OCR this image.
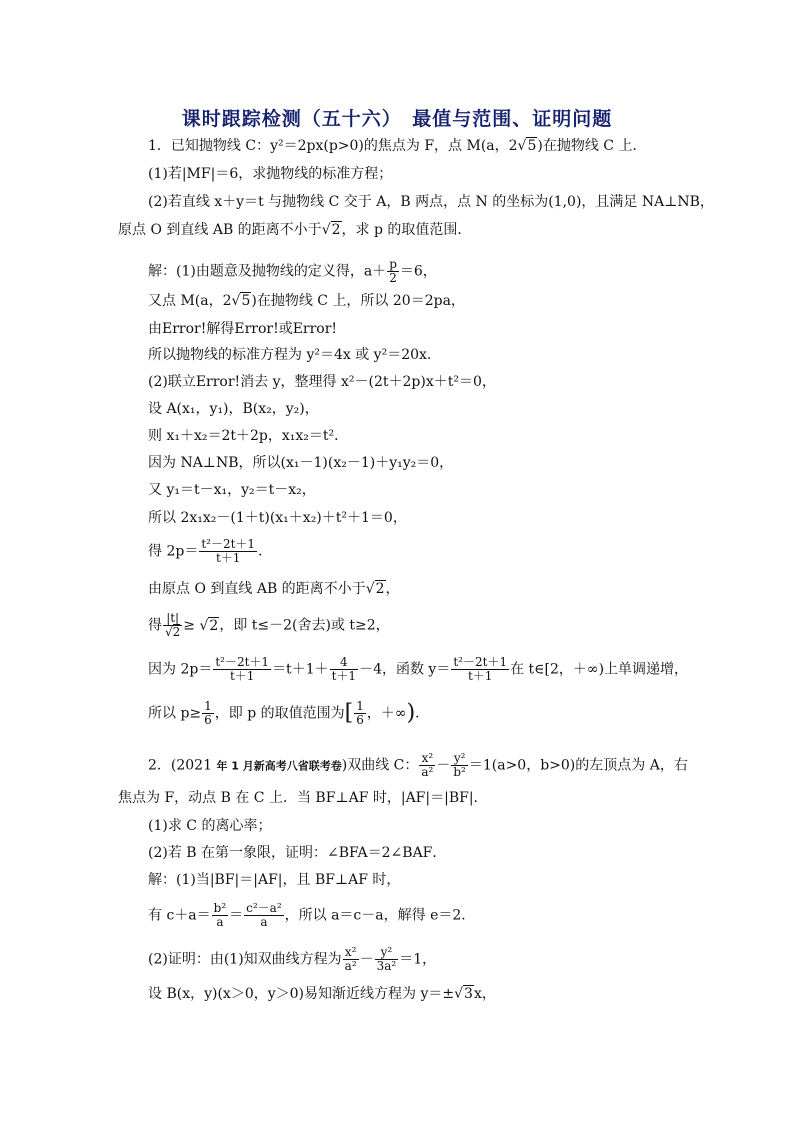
课时跟踪检测（五十六）　最值与范围、证明问题
1．已知抛物线 C：y²＝2px(p>0)的焦点为 F，点 M(a，2√5)在抛物线 C 上．
(1)若|MF|＝6，求抛物线的标准方程；
(2)若直线 x＋y＝t 与抛物线 C 交于 A，B 两点，点 N 的坐标为(1,0)，且满足 NA⊥NB，
原点 O 到直线 AB 的距离不小于√2，求 p 的取值范围．
解：(1)由题意及抛物线的定义得，$a+ \frac{p}{2} =6$，
又点 M(a，2√5)在抛物线 C 上，所以 20＝2pa，
由Error!解得Error!或Error!
所以抛物线的标准方程为 y²＝4x 或 y²＝20x．
(2)联立Error!消去 y，整理得 x²－(2t＋2p)x＋t²＝0，
设 A(x₁，y₁)，B(x₂，y₂)，
则 x₁＋x₂＝2t＋2p，x₁x₂＝t²．
因为 NA⊥NB，所以(x₁－1)(x₂－1)＋y₁y₂＝0，
又 y₁＝t－x₁，y₂＝t－x₂，
所以 2x₁x₂－(1＋t)(x₁＋x₂)＋t²＋1＝0，
得 $2p= \frac{\text{t²－2t＋1}}{t+1}$ ．
由原点 O 到直线 AB 的距离不小于√2，
得 $\frac{|t|}{√2} \ge √2$，即 t≤－2(舍去)或 t≥2，
因为 $2p= \frac{\text{t²－2t＋1}}{t+1} =t+1+ \frac{4}{t+1} -4$，函数 $y= \frac{\text{t²－2t＋1}}{t+1}$ 在 t∈[2，＋∞)上单调递增，
所以 $p\ge \frac{1}{6}$ ，即 p 的取值范围为[ $\frac{1}{6}$ ，＋∞)．
2．(2021 年 1 月新高考八省联考卷)双曲线 C： $\frac{\text{x²}}{\text{a²}} - \frac{\text{y²}}{\text{b²}} =1(a>0$，b>0)的左顶点为 A，右
焦点为 F，动点 B 在 C 上．当 BF⊥AF 时，|AF|＝|BF|．
(1)求 C 的离心率；
(2)若 B 在第一象限，证明：∠BFA＝2∠BAF．
解：(1)当|BF|＝|AF|，且 BF⊥AF 时，
有 $c+a= \frac{\text{b²}}{a} = \frac{\text{c²－a²}}{a}$ ，所以 a＝c－a，解得 e＝2．
(2)证明：由(1)知双曲线方程为 $\frac{\text{x²}}{\text{a²}} - \frac{\text{y²}}{\text{3a²}} =1$，
设 B(x，y)(x＞0，y＞0)易知渐近线方程为 y＝±√3x，
